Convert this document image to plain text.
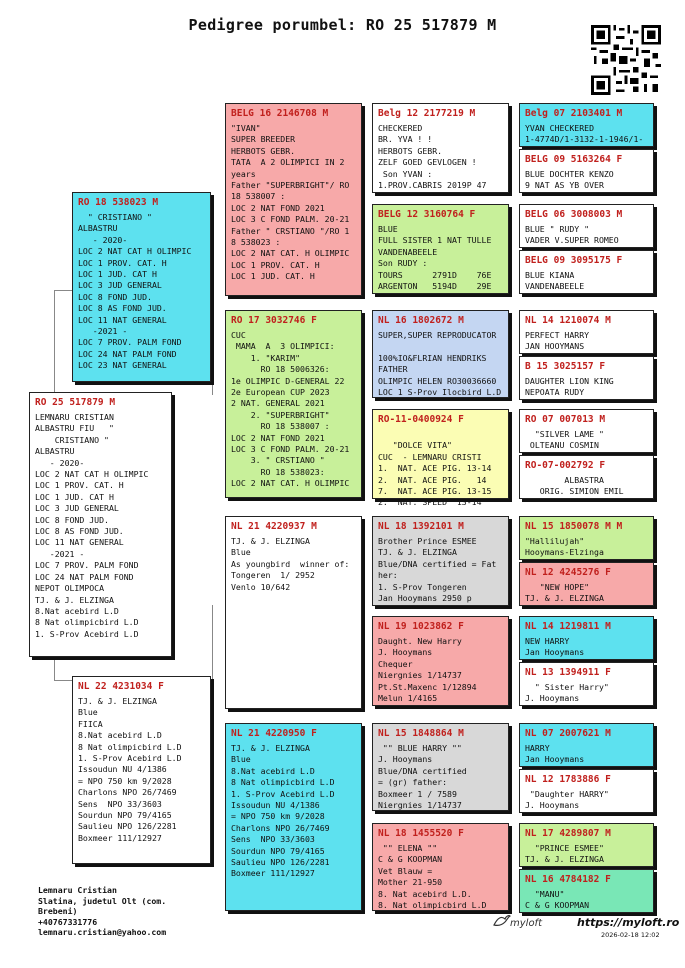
Pedigree porumbel: RO 25 517879 M
RO 25 517879 M
LEMNARU CRISTIAN
ALBASTRU FIU   "
CRISTIANO "
ALBASTRU
- 2020-
LOC 2 NAT CAT H OLIMPIC
LOC 1 PROV. CAT. H
LOC 1 JUD. CAT H
LOC 3 JUD GENERAL
LOC 8 FOND JUD.
LOC 8 AS FOND JUD.
LOC 11 NAT GENERAL
-2021 -
LOC 7 PROV. PALM FOND
LOC 24 NAT PALM FOND
NEPOT OLIMPOCA
TJ. & J. ELZINGA
8.Nat acebird L.D
8 Nat olimpicbird L.D
1. S-Prov Acebird L.D
RO 18 538023 M
" CRISTIANO "
ALBASTRU
- 2020-
LOC 2 NAT CAT H OLIMPIC
LOC 1 PROV. CAT. H
LOC 1 JUD. CAT H
LOC 3 JUD GENERAL
LOC 8 FOND JUD.
LOC 8 AS FOND JUD.
LOC 11 NAT GENERAL
-2021 -
LOC 7 PROV. PALM FOND
LOC 24 NAT PALM FOND
LOC 23 NAT GENERAL
NL 22 4231034 F
TJ. & J. ELZINGA
Blue
FIICA
8.Nat acebird L.D
8 Nat olimpicbird L.D
1. S-Prov Acebird L.D
Issoudun NU 4/1386
= NPO 750 km 9/2028
Charlons NPO 26/7469
Sens  NPO 33/3603
Sourdun NPO 79/4165
Saulieu NPO 126/2281
Boxmeer 111/12927
BELG 16 2146708 M
"IVAN"
SUPER BREEDER
HERBOTS GEBR.
TATA  A 2 OLIMPICI IN 2
years
Father "SUPERBRIGHT"/ RO
18 538007 :
LOC 2 NAT FOND 2021
LOC 3 C FOND PALM. 20-21
Father " CRSTIANO "/RO 1
8 538023 :
LOC 2 NAT CAT. H OLIMPIC
LOC 1 PROV. CAT. H
LOC 1 JUD. CAT. H
RO 17 3032746 F
CUC
MAMA  A  3 OLIMPICI:
1. "KARIM"
RO 18 5006326:
1e OLIMPIC D-GENERAL 22
2e European CUP 2023
2 NAT. GENERAL 2021
2. "SUPERBRIGHT"
RO 18 538007 :
LOC 2 NAT FOND 2021
LOC 3 C FOND PALM. 20-21
3. " CRSTIANO "
RO 18 538023:
LOC 2 NAT CAT. H OLIMPIC
NL 21 4220937 M
TJ. & J. ELZINGA
Blue
As youngbird  winner of:
Tongeren  1/ 2952
Venlo 10/642
NL 21 4220950 F
TJ. & J. ELZINGA
Blue
8.Nat acebird L.D
8 Nat olimpicbird L.D
1. S-Prov Acebird L.D
Issoudun NU 4/1386
= NPO 750 km 9/2028
Charlons NPO 26/7469
Sens  NPO 33/3603
Sourdun NPO 79/4165
Saulieu NPO 126/2281
Boxmeer 111/12927
Belg 12 2177219 M
CHECKERED
BR. YVA ! !
HERBOTS GEBR.
ZELF GOED GEVLOGEN !
Son YVAN :
1.PROV.CABRIS 2019P 47
BELG 12 3160764 F
BLUE
FULL SISTER 1 NAT TULLE
VANDENABEELE
Son RUDY :
TOURS      2791D    76E
ARGENTON   5194D    29E
NL 16 1802672 M
SUPER,SUPER REPRODUCATOR

100%IO&FLRIAN HENDRIKS
FATHER
OLIMPIC HELEN RO30036660
LOC 1 S-Prov Ilocbird L.D
RO-11-0400924 F

"DOLCE VITA"
CUC  - LEMNARU CRISTI
1.  NAT. ACE PIG. 13-14
2.  NAT. ACE PIG.   14
7.  NAT. ACE PIG. 13-15
2.  NAT. SPEED  13-14
NL 18 1392101 M
Brother Prince ESMEE
TJ. & J. ELZINGA
Blue/DNA certified = Fat
her:
1. S-Prov Tongeren
Jan Hooymans 2950 p
NL 19 1023862 F
Daught. New Harry
J. Hooymans
Chequer
Niergnies 1/14737
Pt.St.Maxenc 1/12894
Melun 1/4165
NL 15 1848864 M
"" BLUE HARRY ""
J. Hooymans
Blue/DNA certified
= (gr) father:
Boxmeer 1 / 7589
Niergnies 1/14737
NL 18 1455520 F
"" ELENA ""
C & G KOOPMAN
Vet Blauw =
Mother 21-950
8. Nat acebird L.D.
8. Nat olimpicbird L.D
Belg 07 2103401 M
YVAN CHECKERED
1-4774D/1-3132-1-1946/1-
BELG 09 5163264 F
BLUE DOCHTER KENZO
9 NAT AS YB OVER
BELG 06 3008003 M
BLUE " RUDY "
VADER V.SUPER ROMEO
BELG 09 3095175 F
BLUE KIANA
VANDENABEELE
NL 14 1210074 M
PERFECT HARRY
JAN HOOYMANS
B 15 3025157 F
DAUGHTER LION KING
NEPOATA RUDY
RO 07 007013 M
"SILVER LAME "
OLTEANU COSMIN
RO-07-002792 F
ALBASTRA
ORIG. SIMION EMIL
NL 15 1850078 M M
"Hallilujah"
Hooymans-Elzinga
NL 12 4245276 F
"NEW HOPE"
TJ. & J. ELZINGA
NL 14 1219811 M
NEW HARRY
Jan Hooymans
NL 13 1394911 F
" Sister Harry"
J. Hooymans
NL 07 2007621 M
HARRY
Jan Hooymans
NL 12 1783886 F
"Daughter HARRY"
J. Hooymans
NL 17 4289807 M
"PRINCE ESMEE"
TJ. & J. ELZINGA
NL 16 4784182 F
"MANU"
C & G KOOPMAN
Lemnaru Cristian
Slatina, judetul Olt (com.
Brebeni)
+40767331776
lemnaru.cristian@yahoo.com
myloft	https://myloft.ro
2026-02-18 12:02
